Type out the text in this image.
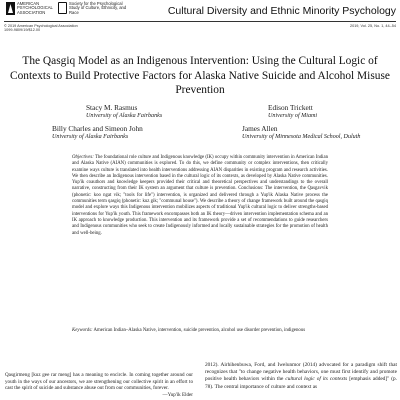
AMERICAN PSYCHOLOGICAL ASSOCIATION
Society for the Psychological Study of Culture, Ethnicity, and Race	Cultural Diversity and Ethnic Minority Psychology
© 2019 American Psychological Association
1099-9809/19/$12.00
2019, Vol. 25, No. 1, 44–54
The Qasgiq Model as an Indigenous Intervention: Using the Cultural Logic of Contexts to Build Protective Factors for Alaska Native Suicide and Alcohol Misuse Prevention
Stacy M. Rasmus
University of Alaska Fairbanks
Edison Trickett
University of Miami
Billy Charles and Simeon John
University of Alaska Fairbanks
James Allen
University of Minnesota Medical School, Duluth
Objectives: The foundational role culture and Indigenous knowledge (IK) occupy within community intervention in American Indian and Alaska Native (AIAN) communities is explored. To do this, we define community or complex interventions, then critically examine ways culture is translated into health interventions addressing AIAN disparities in existing program and research activities. We then describe an Indigenous intervention based in the cultural logic of its contexts, as developed by Alaska Native communities. Yup'ik coauthors and knowledge keepers provided their critical and theoretical perspectives and understandings to the overall narrative, constructing from their IK system an argument that culture is prevention. Conclusions: The intervention, the Qasgavvik (phonetic: koo ngat vik; "tools for life") intervention, is organized and delivered through a Yup'ik Alaska Native process the communities term qasgiq (phonetic: kuz gik; "communal house"). We describe a theory of change framework built around the qasgiq model and explore ways this Indigenous intervention mobilizes aspects of traditional Yup'ik cultural logic to deliver strengths-based interventions for Yup'ik youth. This framework encompasses both an IK theory—driven intervention implementation schema and an IK approach to knowledge production. This intervention and its framework provide a set of recommendations to guide researchers and Indigenous communities who seek to create Indigenously informed and locally sustainable strategies for the promotion of health and well-being.
Keywords: American Indian–Alaska Native, intervention, suicide prevention, alcohol use disorder prevention, indigenous
Qasgirmeng [kuz gee rar meng] has a meaning to encircle. In coming together around our youth in the ways of our ancestors, we are strengthening our collective spirit in an effort to cast the spirit of suicide and substance abuse out from our communities, forever.
—Yup'ik Elder
2012). Airhihenbuwa, Ford, and Iwelunmor (2014) advocated for a paradigm shift that recognizes that "to change negative health behaviors, one must first identify and promote positive health behaviors within the cultural logic of its contexts [emphasis added]" (p. 78). The central importance of culture and context as
